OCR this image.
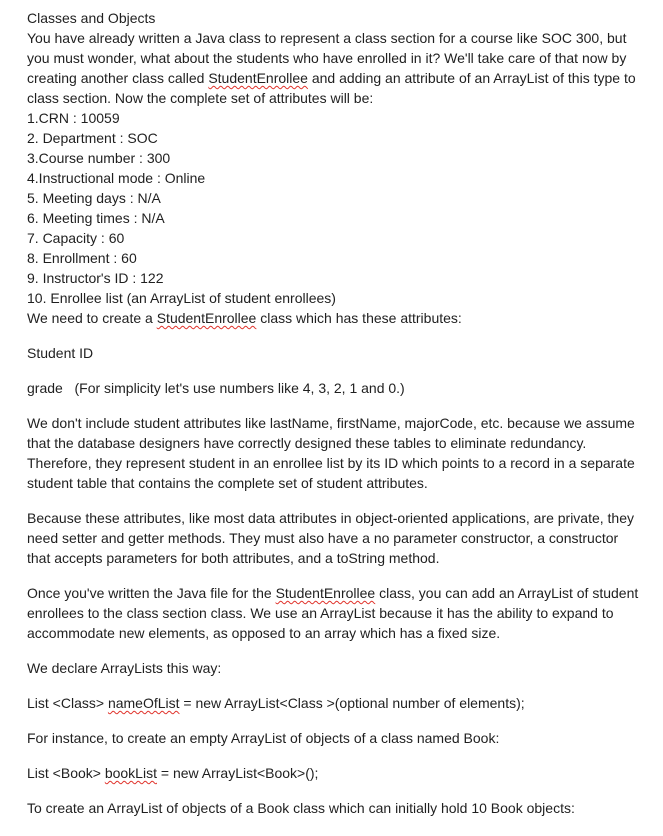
Classes and Objects

You have already written a Java class to represent a class section for a course like SOC 300, but you must wonder, what about the students who have enrolled in it? We'll take care of that now by creating another class called StudentEnrollee and adding an attribute of an ArrayList of this type to class section. Now the complete set of attributes will be:

1.CRN : 10059

2. Department : SOC

3.Course number : 300

4.Instructional mode : Online

5. Meeting days : N/A

6. Meeting times : N/A

7. Capacity : 60

8. Enrollment : 60

9. Instructor's ID : 122

10. Enrollee list (an ArrayList of student enrollees)

We need to create a StudentEnrollee class which has these attributes:

Student ID

grade   (For simplicity let's use numbers like 4, 3, 2, 1 and 0.)

We don't include student attributes like lastName, firstName, majorCode, etc. because we assume that the database designers have correctly designed these tables to eliminate redundancy. Therefore, they represent student in an enrollee list by its ID which points to a record in a separate student table that contains the complete set of student attributes.

Because these attributes, like most data attributes in object-oriented applications, are private, they need setter and getter methods. They must also have a no parameter constructor, a constructor that accepts parameters for both attributes, and a toString method.

Once you've written the Java file for the StudentEnrollee class, you can add an ArrayList of student enrollees to the class section class. We use an ArrayList because it has the ability to expand to accommodate new elements, as opposed to an array which has a fixed size.

We declare ArrayLists this way:

List <Class> nameOfList = new ArrayList<Class >(optional number of elements);

For instance, to create an empty ArrayList of objects of a class named Book:

List <Book> bookList = new ArrayList<Book>();

To create an ArrayList of objects of a Book class which can initially hold 10 Book objects:
